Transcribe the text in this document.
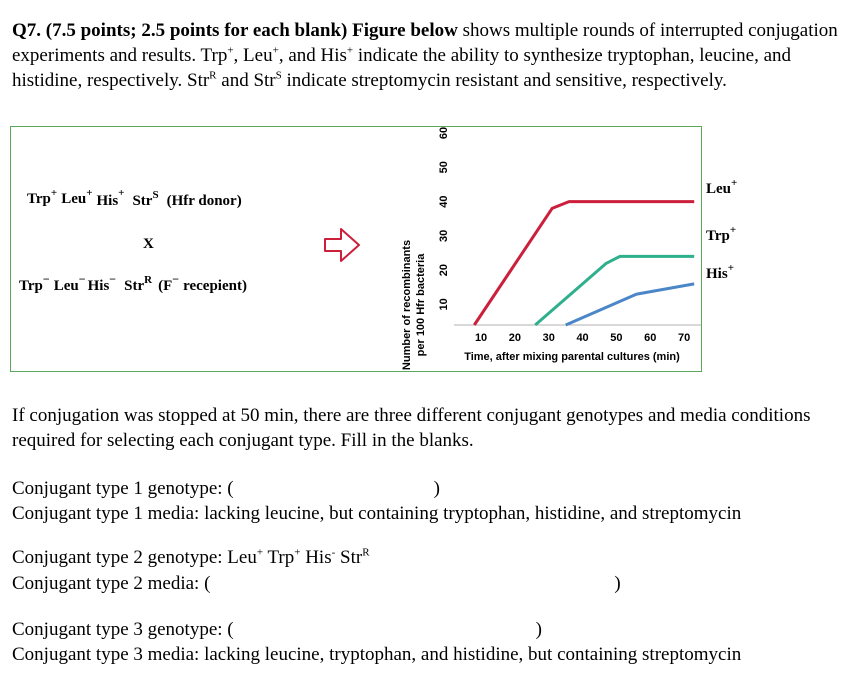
Q7. (7.5 points; 2.5 points for each blank) Figure below shows multiple rounds of interrupted conjugation experiments and results. Trp+, Leu+, and His+ indicate the ability to synthesize tryptophan, leucine, and histidine, respectively. Str$^R$ and Str$^S$ indicate streptomycin resistant and sensitive, respectively.
Trp+ Leu+ His+ Str$^S$ (Hfr donor)
X
Trp− Leu− His− Str$^R$ (F− recepient)	Number of recombinants per 100 Hfr bacteria 10
20
30
40
50
60
10 20 30 40 50 60 70
Time, after mixing parental cultures (min)
Leu+
Trp+
His+
If conjugation was stopped at 50 min, there are three different conjugant genotypes and media conditions required for selecting each conjugant type. Fill in the blanks.
Conjugant type 1 genotype: (	)
Conjugant type 1 media: lacking leucine, but containing tryptophan, histidine, and streptomycin
Conjugant type 2 genotype: Leu+ Trp+ His- Str$^R$
Conjugant type 2 media: (	)
Conjugant type 3 genotype: (	)
Conjugant type 3 media: lacking leucine, tryptophan, and histidine, but containing streptomycin
